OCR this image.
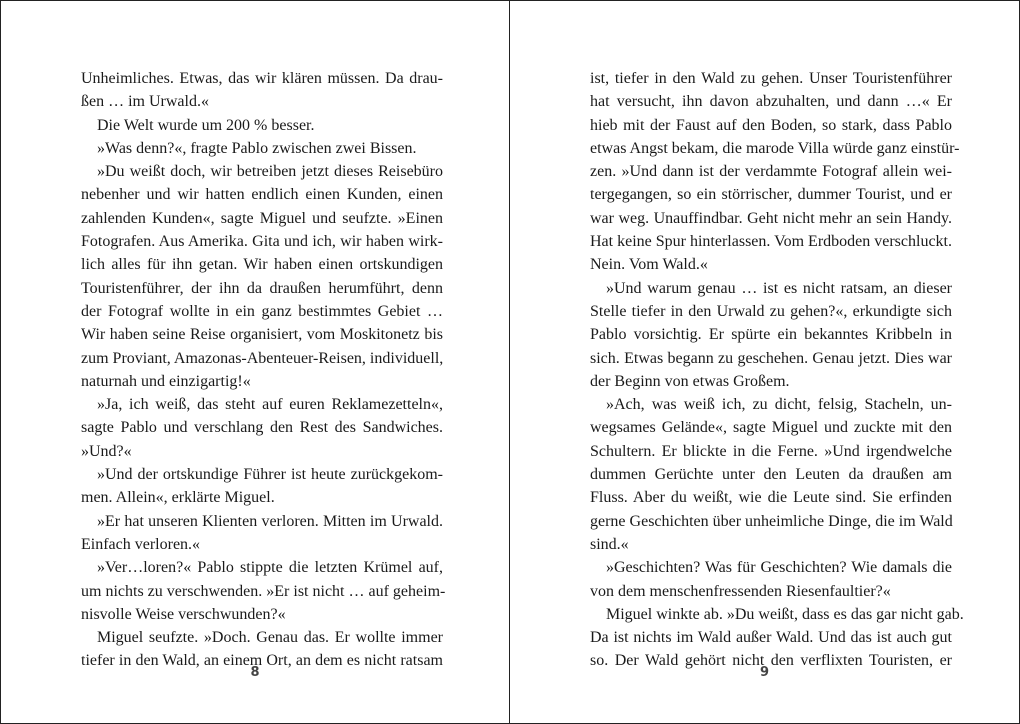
Unheimliches. Etwas, das wir klären müssen. Da drau-
ßen … im Urwald.«
Die Welt wurde um 200 % besser.
»Was denn?«, fragte Pablo zwischen zwei Bissen.
»Du weißt doch, wir betreiben jetzt dieses Reisebüro
nebenher und wir hatten endlich einen Kunden, einen
zahlenden Kunden«, sagte Miguel und seufzte. »Einen
Fotografen. Aus Amerika. Gita und ich, wir haben wirk-
lich alles für ihn getan. Wir haben einen ortskundigen
Touristenführer, der ihn da draußen herumführt, denn
der Fotograf wollte in ein ganz bestimmtes Gebiet …
Wir haben seine Reise organisiert, vom Moskitonetz bis
zum Proviant, Amazonas-Abenteuer-Reisen, individuell,
naturnah und einzigartig!«
»Ja, ich weiß, das steht auf euren Reklamezetteln«,
sagte Pablo und verschlang den Rest des Sandwiches.
»Und?«
»Und der ortskundige Führer ist heute zurückgekom-
men. Allein«, erklärte Miguel.
»Er hat unseren Klienten verloren. Mitten im Urwald.
Einfach verloren.«
»Ver…loren?« Pablo stippte die letzten Krümel auf,
um nichts zu verschwenden. »Er ist nicht … auf geheim-
nisvolle Weise verschwunden?«
Miguel seufzte. »Doch. Genau das. Er wollte immer
tiefer in den Wald, an einem Ort, an dem es nicht ratsam
8
ist, tiefer in den Wald zu gehen. Unser Touristenführer
hat versucht, ihn davon abzuhalten, und dann …« Er
hieb mit der Faust auf den Boden, so stark, dass Pablo
etwas Angst bekam, die marode Villa würde ganz einstür-
zen. »Und dann ist der verdammte Fotograf allein wei-
tergegangen, so ein störrischer, dummer Tourist, und er
war weg. Unauffindbar. Geht nicht mehr an sein Handy.
Hat keine Spur hinterlassen. Vom Erdboden verschluckt.
Nein. Vom Wald.«
»Und warum genau … ist es nicht ratsam, an dieser
Stelle tiefer in den Urwald zu gehen?«, erkundigte sich
Pablo vorsichtig. Er spürte ein bekanntes Kribbeln in
sich. Etwas begann zu geschehen. Genau jetzt. Dies war
der Beginn von etwas Großem.
»Ach, was weiß ich, zu dicht, felsig, Stacheln, un-
wegsames Gelände«, sagte Miguel und zuckte mit den
Schultern. Er blickte in die Ferne. »Und irgendwelche
dummen Gerüchte unter den Leuten da draußen am
Fluss. Aber du weißt, wie die Leute sind. Sie erfinden
gerne Geschichten über unheimliche Dinge, die im Wald
sind.«
»Geschichten? Was für Geschichten? Wie damals die
von dem menschenfressenden Riesenfaultier?«
Miguel winkte ab. »Du weißt, dass es das gar nicht gab.
Da ist nichts im Wald außer Wald. Und das ist auch gut
so. Der Wald gehört nicht den verflixten Touristen, er
9
